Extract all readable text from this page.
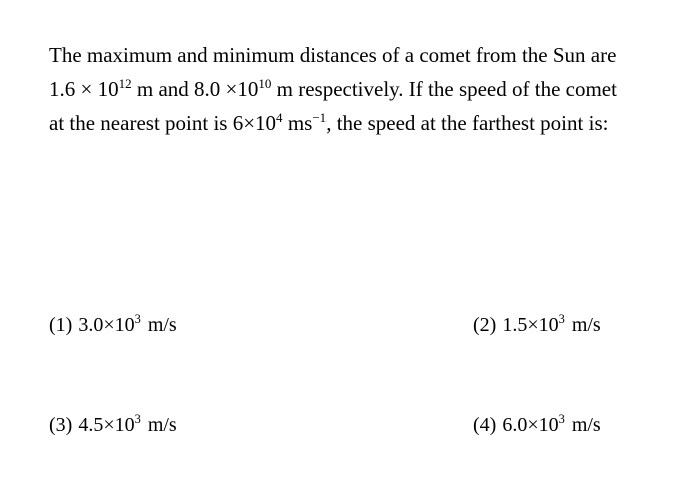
The maximum and minimum distances of a comet from the Sun are $1.6 \times 10^{12}$ m and $8.0 \times 10^{10}$ m respectively. If the speed of the comet at the nearest point is $6\times 10^4$ $ms^{-1}$, the speed at the farthest point is:

(1) $3.0\times 10^3$ m/s	(2) $1.5\times 10^3$ m/s
(3) $4.5\times 10^3$ m/s	(4) $6.0\times 10^3$ m/s
